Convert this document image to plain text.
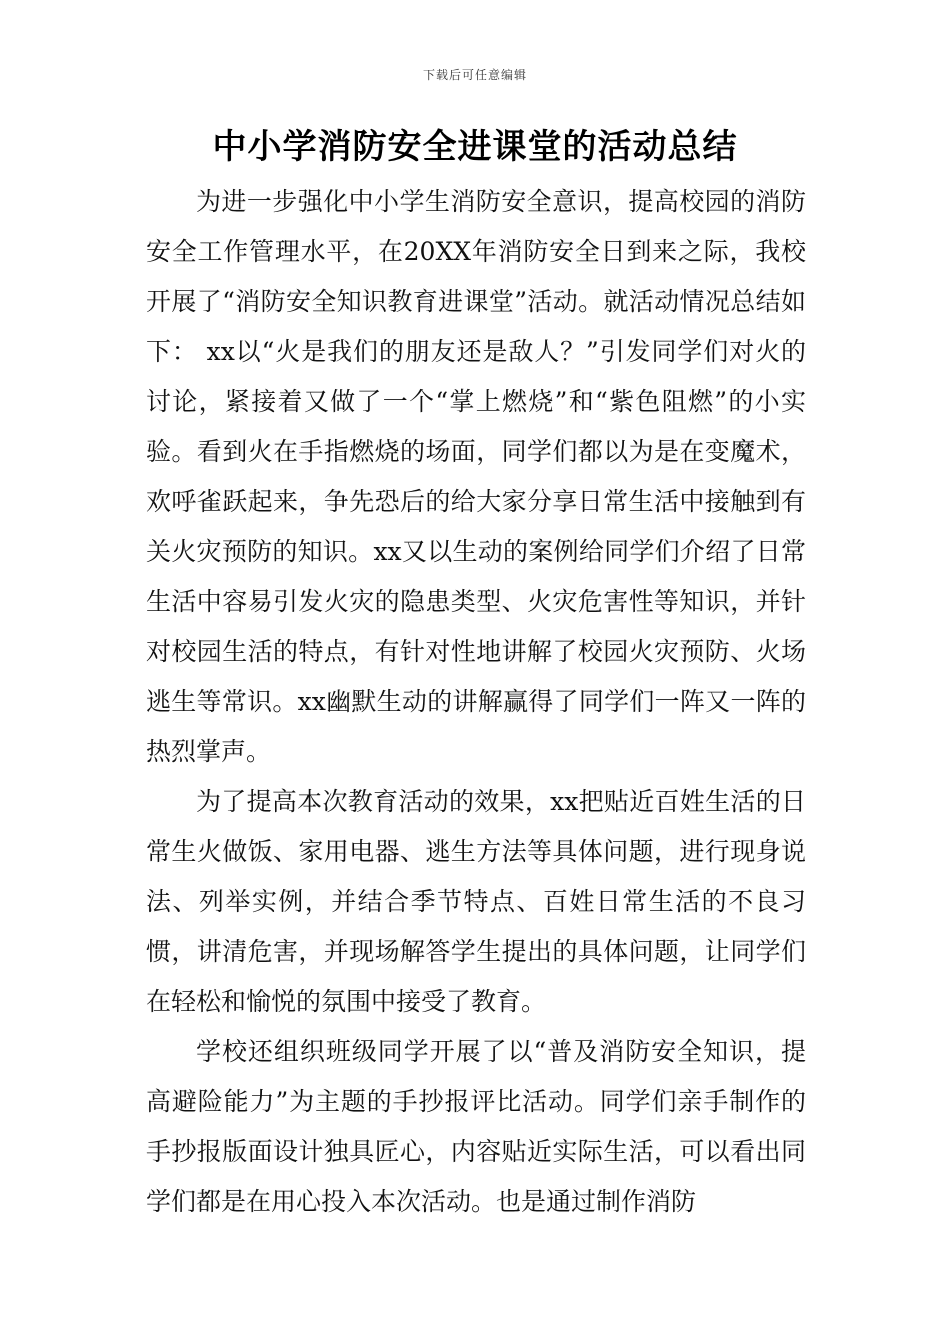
下载后可任意编辑
中小学消防安全进课堂的活动总结

为进一步强化中小学生消防安全意识，提高校园的消防安全工作管理水平，在20XX年消防安全日到来之际，我校开展了“消防安全知识教育进课堂”活动。就活动情况总结如下： xx以“火是我们的朋友还是敌人？”引发同学们对火的讨论，紧接着又做了一个“掌上燃烧”和“紫色阻燃”的小实验。看到火在手指燃烧的场面，同学们都以为是在变魔术，欢呼雀跃起来，争先恐后的给大家分享日常生活中接触到有关火灾预防的知识。xx又以生动的案例给同学们介绍了日常生活中容易引发火灾的隐患类型、火灾危害性等知识，并针对校园生活的特点，有针对性地讲解了校园火灾预防、火场逃生等常识。xx幽默生动的讲解赢得了同学们一阵又一阵的热烈掌声。

为了提高本次教育活动的效果，xx把贴近百姓生活的日常生火做饭、家用电器、逃生方法等具体问题，进行现身说法、列举实例，并结合季节特点、百姓日常生活的不良习惯，讲清危害，并现场解答学生提出的具体问题，让同学们在轻松和愉悦的氛围中接受了教育。

学校还组织班级同学开展了以“普及消防安全知识，提高避险能力”为主题的手抄报评比活动。同学们亲手制作的手抄报版面设计独具匠心，内容贴近实际生活，可以看出同学们都是在用心投入本次活动。也是通过制作消防
